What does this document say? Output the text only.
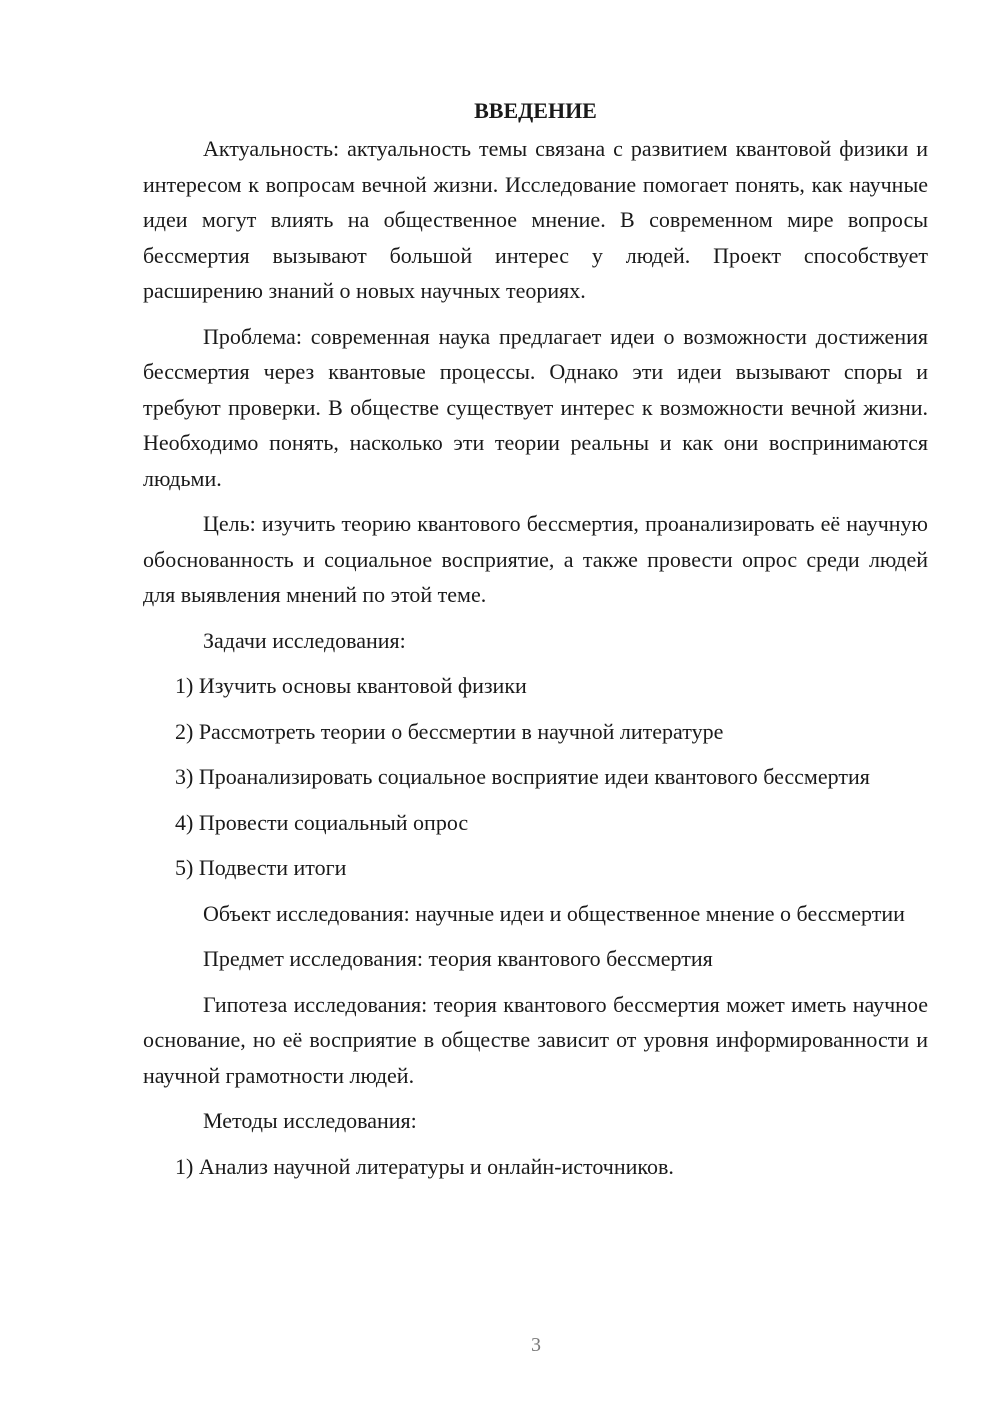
ВВЕДЕНИЕ

Актуальность: актуальность темы связана с развитием квантовой физики и интересом к вопросам вечной жизни. Исследование помогает понять, как научные идеи могут влиять на общественное мнение. В современном мире вопросы бессмертия вызывают большой интерес у людей. Проект способствует расширению знаний о новых научных теориях.

Проблема: современная наука предлагает идеи о возможности достижения бессмертия через квантовые процессы. Однако эти идеи вызывают споры и требуют проверки. В обществе существует интерес к возможности вечной жизни. Необходимо понять, насколько эти теории реальны и как они воспринимаются людьми.

Цель: изучить теорию квантового бессмертия, проанализировать её научную обоснованность и социальное восприятие, а также провести опрос среди людей для выявления мнений по этой теме.

Задачи исследования:

1) Изучить основы квантовой физики

2) Рассмотреть теории о бессмертии в научной литературе

3) Проанализировать социальное восприятие идеи квантового бессмертия

4) Провести социальный опрос

5) Подвести итоги

Объект исследования: научные идеи и общественное мнение о бессмертии

Предмет исследования: теория квантового бессмертия

Гипотеза исследования: теория квантового бессмертия может иметь научное основание, но её восприятие в обществе зависит от уровня информированности и научной грамотности людей.

Методы исследования:

1) Анализ научной литературы и онлайн-источников.

3
